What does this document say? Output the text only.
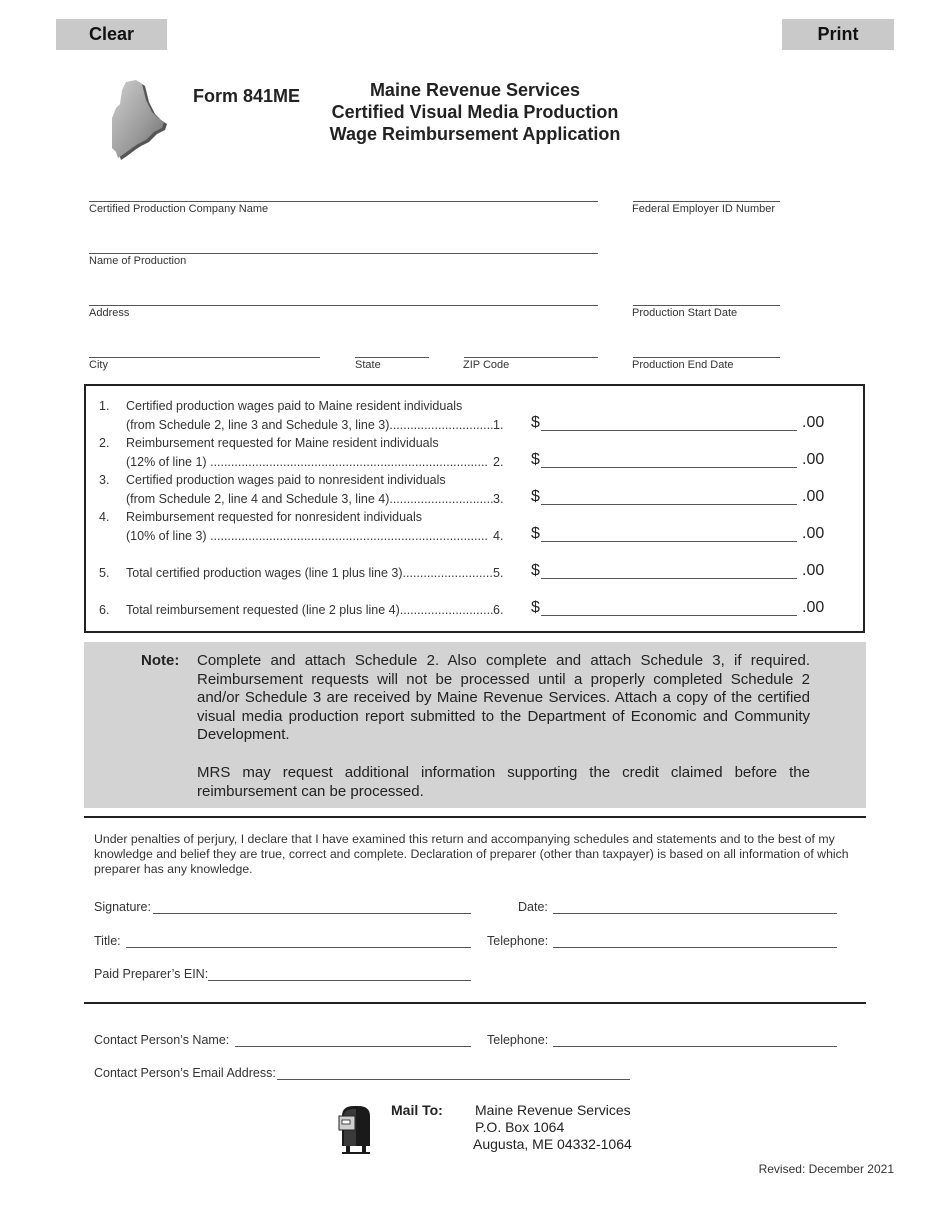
Clear	Print
Form 841ME	Maine Revenue Services
Certified Visual Media Production
Wage Reimbursement Application
Certified Production Company Name	Federal Employer ID Number
Name of Production
Address	Production Start Date
City	State	ZIP Code	Production End Date
1. Certified production wages paid to Maine resident individuals
(from Schedule 2, line 3 and Schedule 3, line 3).............................. 1. $	.00
2. Reimbursement requested for Maine resident individuals
(12% of line 1) ................................................................................ 2. $	.00
3. Certified production wages paid to nonresident individuals
(from Schedule 2, line 4 and Schedule 3, line 4).............................. 3. $	.00
4. Reimbursement requested for nonresident individuals
(10% of line 3) ................................................................................ 4. $	.00
5. Total certified production wages (line 1 plus line 3).......................... 5. $	.00
6. Total reimbursement requested (line 2 plus line 4)........................... 6. $	.00
Note: Complete and attach Schedule 2. Also complete and attach Schedule 3, if required. Reimbursement requests will not be processed until a properly completed Schedule 2 and/or Schedule 3 are received by Maine Revenue Services. Attach a copy of the certified visual media production report submitted to the Department of Economic and Community Development.
MRS may request additional information supporting the credit claimed before the reimbursement can be processed.
Under penalties of perjury, I declare that I have examined this return and accompanying schedules and statements and to the best of my knowledge and belief they are true, correct and complete. Declaration of preparer (other than taxpayer) is based on all information of which preparer has any knowledge.
Signature:	Date:
Title:	Telephone:
Paid Preparer’s EIN:
Contact Person’s Name:	Telephone:
Contact Person’s Email Address:
Mail To: Maine Revenue Services
P.O. Box 1064
Augusta, ME 04332-1064
Revised: December 2021
